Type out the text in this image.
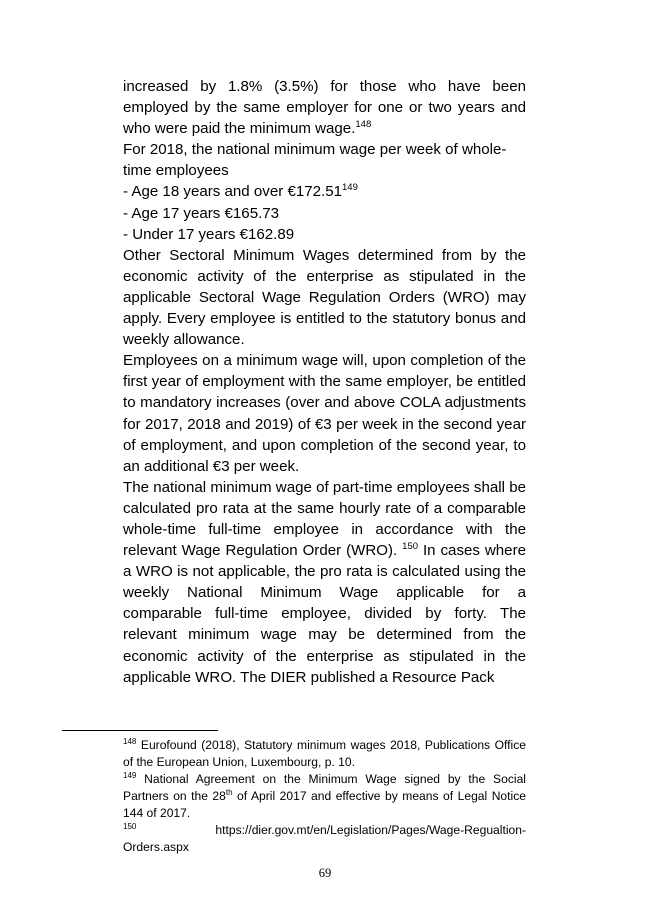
increased by 1.8% (3.5%) for those who have been employed by the same employer for one or two years and who were paid the minimum wage.$^{148}$

For 2018, the national minimum wage per week of whole-time employees

- Age 18 years and over €172.51$^{149}$

- Age 17 years €165.73

- Under 17 years €162.89

Other Sectoral Minimum Wages determined from by the economic activity of the enterprise as stipulated in the applicable Sectoral Wage Regulation Orders (WRO) may apply. Every employee is entitled to the statutory bonus and weekly allowance.

Employees on a minimum wage will, upon completion of the first year of employment with the same employer, be entitled to mandatory increases (over and above COLA adjustments for 2017, 2018 and 2019) of €3 per week in the second year of employment, and upon completion of the second year, to an additional €3 per week.

The national minimum wage of part-time employees shall be calculated pro rata at the same hourly rate of a comparable whole-time full-time employee in accordance with the relevant Wage Regulation Order (WRO). $^{150}$ In cases where a WRO is not applicable, the pro rata is calculated using the weekly National Minimum Wage applicable for a comparable full-time employee, divided by forty. The relevant minimum wage may be determined from the economic activity of the enterprise as stipulated in the applicable WRO. The DIER published a Resource Pack

$^{148}$ Eurofound (2018), Statutory minimum wages 2018, Publications Office of the European Union, Luxembourg, p. 10.

$^{149}$ National Agreement on the Minimum Wage signed by the Social Partners on the 28th of April 2017 and effective by means of Legal Notice 144 of 2017.

$^{150}$	https://dier.gov.mt/en/Legislation/Pages/Wage-Regualtion-

Orders.aspx

69
